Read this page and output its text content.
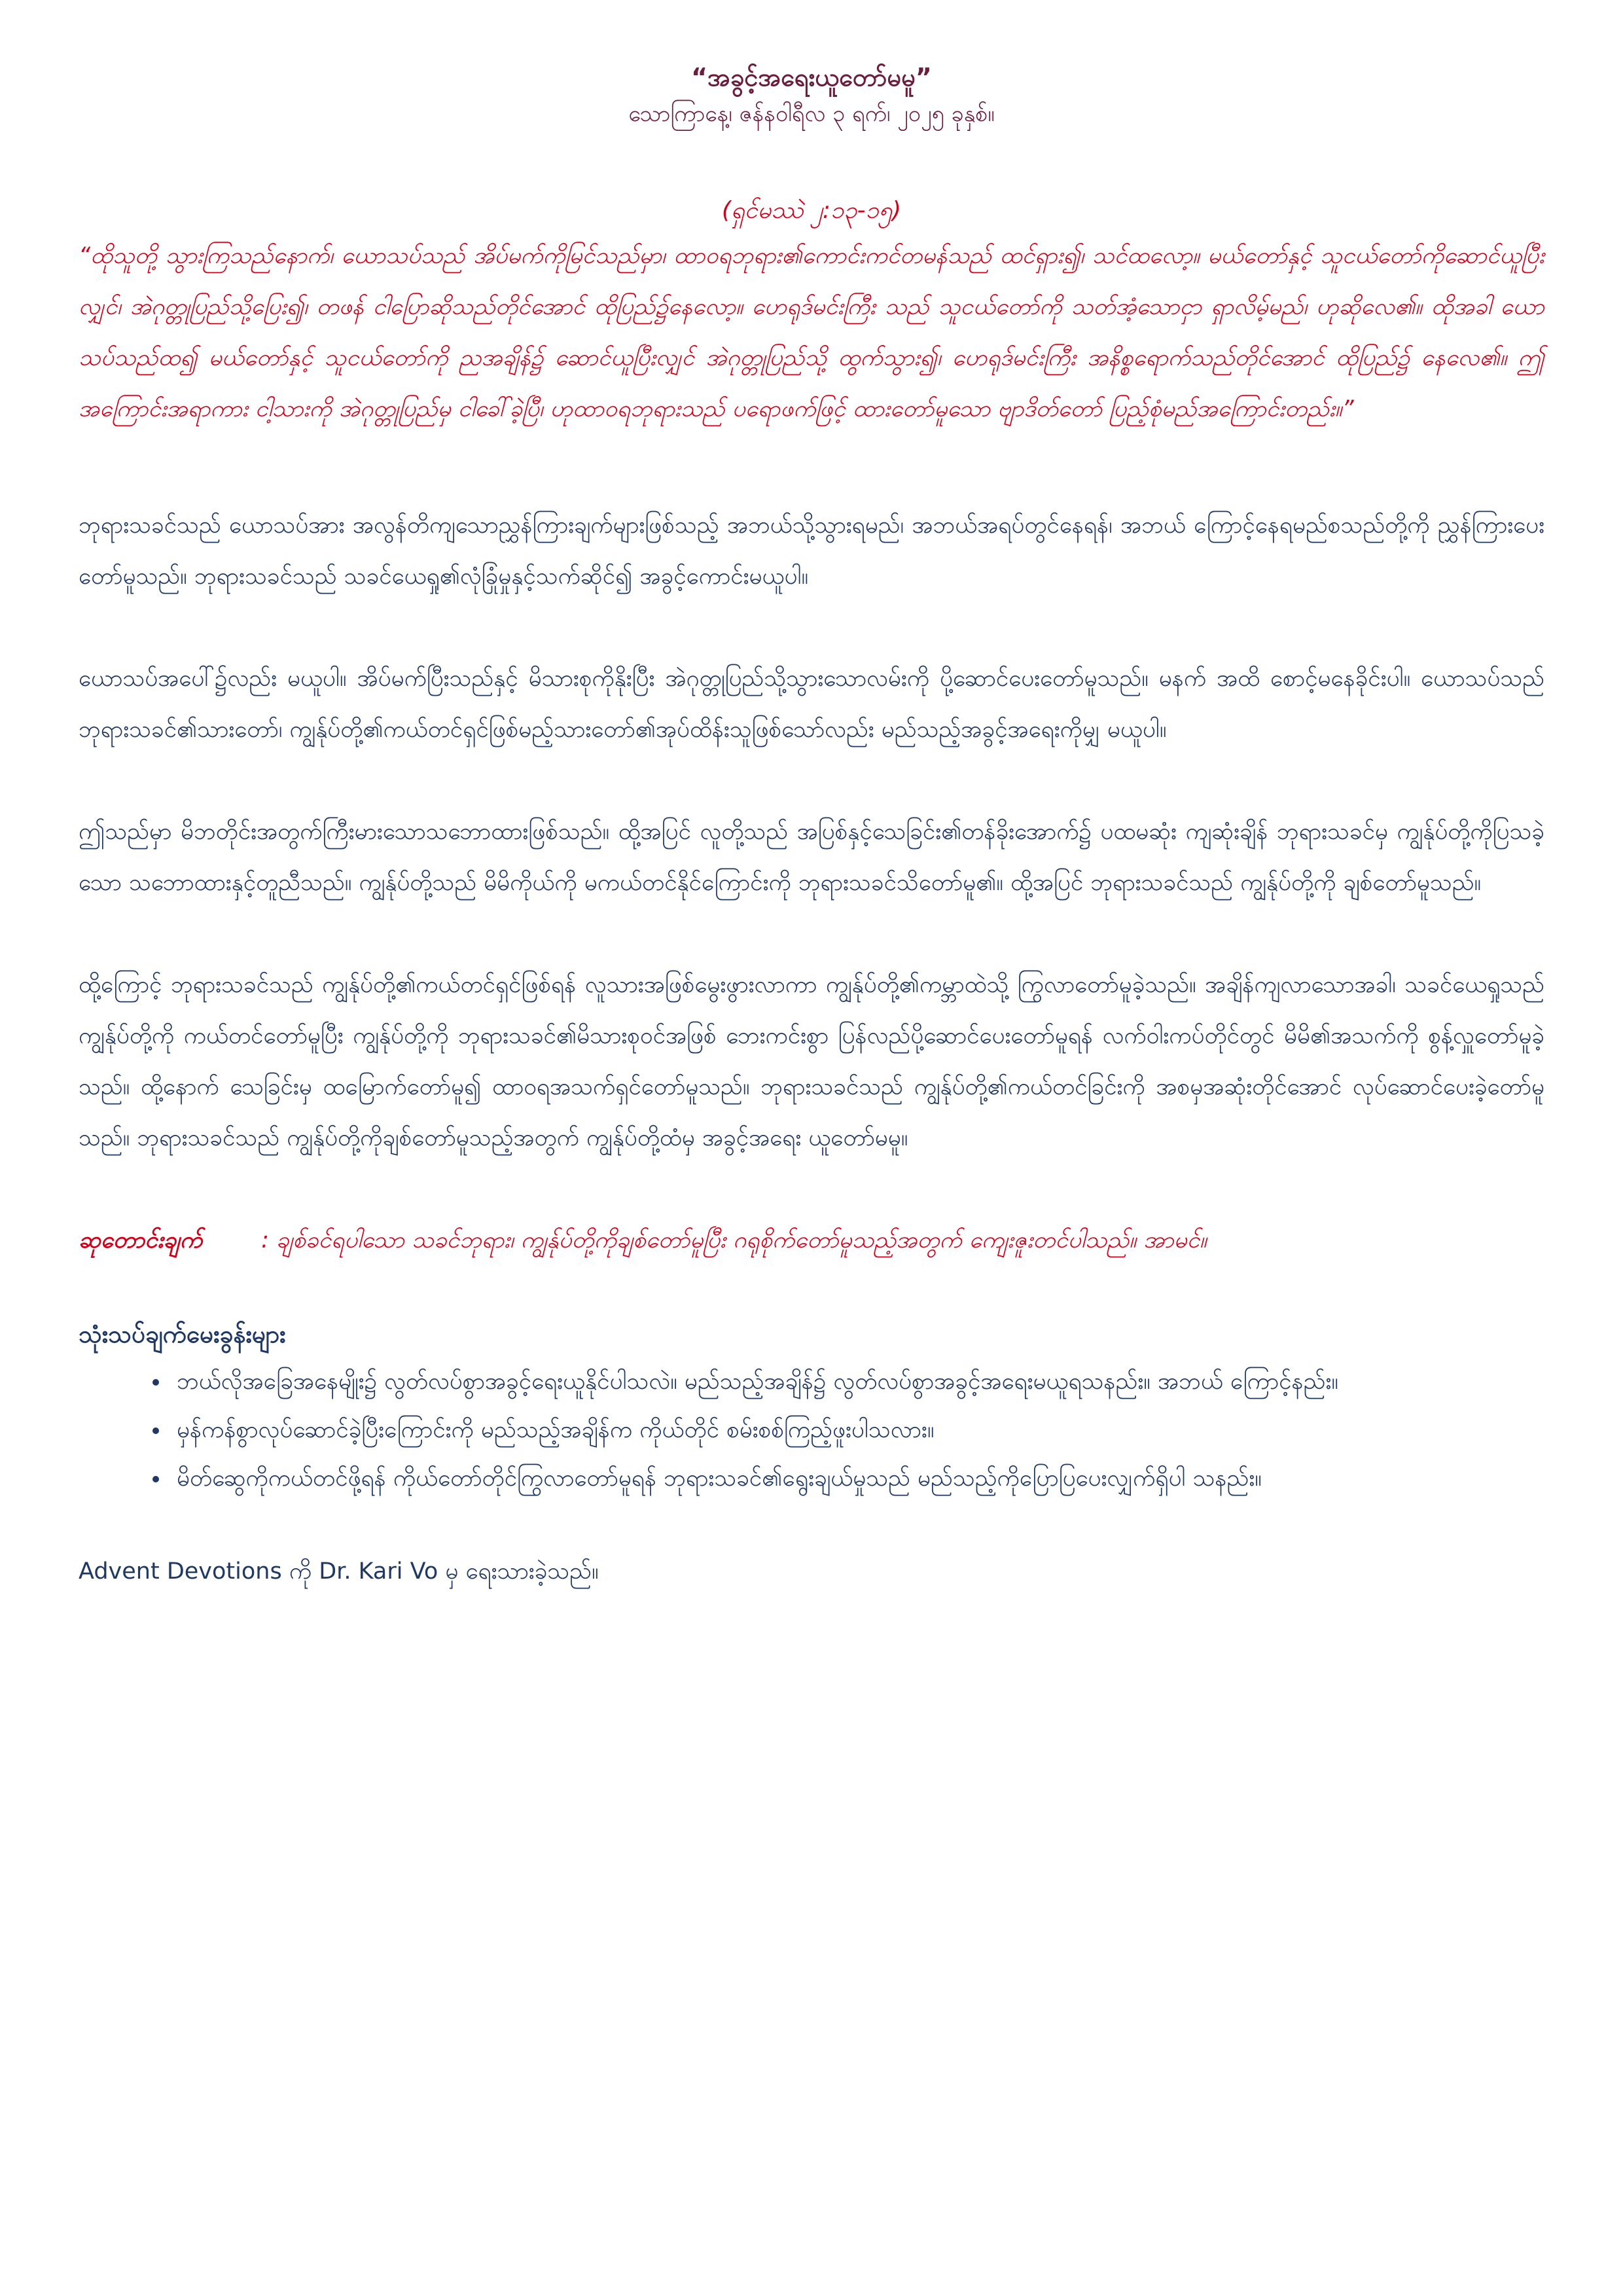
“အခွင့်အရေးယူတော်မမူ”

သောကြာနေ့၊ ဇန်နဝါရီလ ၃ ရက်၊ ၂၀၂၅ ခုနှစ်။

(ရှင်မဿဲ ၂:၁၃-၁၅)

“ထိုသူတို့ သွားကြသည်နောက်၊ ယောသပ်သည် အိပ်မက်ကိုမြင်သည်မှာ၊ ထာဝရဘုရား၏ကောင်းကင်တမန်သည် ထင်ရှား၍၊ သင်ထလော့။ မယ်တော်နှင့် သူငယ်တော်ကိုဆောင်ယူပြီးလျှင်၊ အဲဂုတ္တုပြည်သို့ပြေး၍၊ တဖန် ငါပြောဆိုသည်တိုင်အောင် ထိုပြည်၌နေလော့။ ဟေရုဒ်မင်းကြီး သည် သူငယ်တော်ကို သတ်အံ့သောငှာ ရှာလိမ့်မည်၊ ဟုဆိုလေ၏။ ထိုအခါ ယောသပ်သည်ထ၍ မယ်တော်နှင့် သူငယ်တော်ကို ညအချိန်၌ ဆောင်ယူပြီးလျှင် အဲဂုတ္တုပြည်သို့ ထွက်သွား၍၊ ဟေရုဒ်မင်းကြီး အနိစ္စရောက်သည်တိုင်အောင် ထိုပြည်၌ နေလေ၏။ ဤအကြောင်းအရာကား ငါ့သားကို အဲဂုတ္တုပြည်မှ ငါခေါ်ခဲ့ပြီ၊ ဟုထာဝရဘုရားသည် ပရောဖက်ဖြင့် ထားတော်မူသော ဗျာဒိတ်တော် ပြည့်စုံမည်အကြောင်းတည်း။”

ဘုရားသခင်သည် ယောသပ်အား အလွန်တိကျသောညွှန်ကြားချက်များဖြစ်သည့် အဘယ်သို့သွားရမည်၊ အဘယ်အရပ်တွင်နေရန်၊ အဘယ် ကြောင့်နေရမည်စသည်တို့ကို ညွှန်ကြားပေးတော်မူသည်။ ဘုရားသခင်သည် သခင်ယေရှု၏လုံခြုံမှုနှင့်သက်ဆိုင်၍ အခွင့်ကောင်းမယူပါ။

ယောသပ်အပေါ်၌လည်း မယူပါ။ အိပ်မက်ပြီးသည်နှင့် မိသားစုကိုနိုးပြီး အဲဂုတ္တုပြည်သို့သွားသောလမ်းကို ပို့ဆောင်ပေးတော်မူသည်။ မနက် အထိ စောင့်မနေခိုင်းပါ။ ယောသပ်သည် ဘုရားသခင်၏သားတော်၊ ကျွန်ုပ်တို့၏ကယ်တင်ရှင်ဖြစ်မည့်သားတော်၏အုပ်ထိန်းသူဖြစ်သော်လည်း မည်သည့်အခွင့်အရေးကိုမျှ မယူပါ။

ဤသည်မှာ မိဘတိုင်းအတွက်ကြီးမားသောသဘောထားဖြစ်သည်။ ထို့အပြင် လူတို့သည် အပြစ်နှင့်သေခြင်း၏တန်ခိုးအောက်၌ ပထမဆုံး ကျဆုံးချိန် ဘုရားသခင်မှ ကျွန်ုပ်တို့ကိုပြသခဲ့သော သဘောထားနှင့်တူညီသည်။ ကျွန်ုပ်တို့သည် မိမိကိုယ်ကို မကယ်တင်နိုင်ကြောင်းကို ဘုရားသခင်သိတော်မူ၏။ ထို့အပြင် ဘုရားသခင်သည် ကျွန်ုပ်တို့ကို ချစ်တော်မူသည်။

ထို့ကြောင့် ဘုရားသခင်သည် ကျွန်ုပ်တို့၏ကယ်တင်ရှင်ဖြစ်ရန် လူသားအဖြစ်မွေးဖွားလာကာ ကျွန်ုပ်တို့၏ကမ္ဘာထဲသို့ ကြွလာတော်မူခဲ့သည်။ အချိန်ကျလာသောအခါ၊ သခင်ယေရှုသည် ကျွန်ုပ်တို့ကို ကယ်တင်တော်မူပြီး ကျွန်ုပ်တို့ကို ဘုရားသခင်၏မိသားစုဝင်အဖြစ် ဘေးကင်းစွာ ပြန်လည်ပို့ဆောင်ပေးတော်မူရန် လက်ဝါးကပ်တိုင်တွင် မိမိ၏အသက်ကို စွန့်လှူတော်မူခဲ့သည်။ ထို့နောက် သေခြင်းမှ ထမြောက်တော်မူ၍ ထာဝရအသက်ရှင်တော်မူသည်။ ဘုရားသခင်သည် ကျွန်ုပ်တို့၏ကယ်တင်ခြင်းကို အစမှအဆုံးတိုင်အောင် လုပ်ဆောင်ပေးခဲ့တော်မူသည်။ ဘုရားသခင်သည် ကျွန်ုပ်တို့ကိုချစ်တော်မူသည့်အတွက် ကျွန်ုပ်တို့ထံမှ အခွင့်အရေး ယူတော်မမူ။

ဆုတောင်းချက်	: ချစ်ခင်ရပါသော သခင်ဘုရား၊ ကျွန်ုပ်တို့ကိုချစ်တော်မူပြီး ဂရုစိုက်တော်မူသည့်အတွက် ကျေးဇူးတင်ပါသည်။ အာမင်။

သုံးသပ်ချက်မေးခွန်းများ

• ဘယ်လိုအခြေအနေမျိုး၌ လွတ်လပ်စွာအခွင့်ရေးယူနိုင်ပါသလဲ။ မည်သည့်အချိန်၌ လွတ်လပ်စွာအခွင့်အရေးမယူရသနည်း။ အဘယ် ကြောင့်နည်း။
• မှန်ကန်စွာလုပ်ဆောင်ခဲ့ပြီးကြောင်းကို မည်သည့်အချိန်က ကိုယ်တိုင် စမ်းစစ်ကြည့်ဖူးပါသလား။
• မိတ်ဆွေကိုကယ်တင်ဖို့ရန် ကိုယ်တော်တိုင်ကြွလာတော်မူရန် ဘုရားသခင်၏ရွေးချယ်မှုသည် မည်သည့်ကိုပြောပြပေးလျှက်ရှိပါ သနည်း။

Advent Devotions ကို Dr. Kari Vo မှ ရေးသားခဲ့သည်။
